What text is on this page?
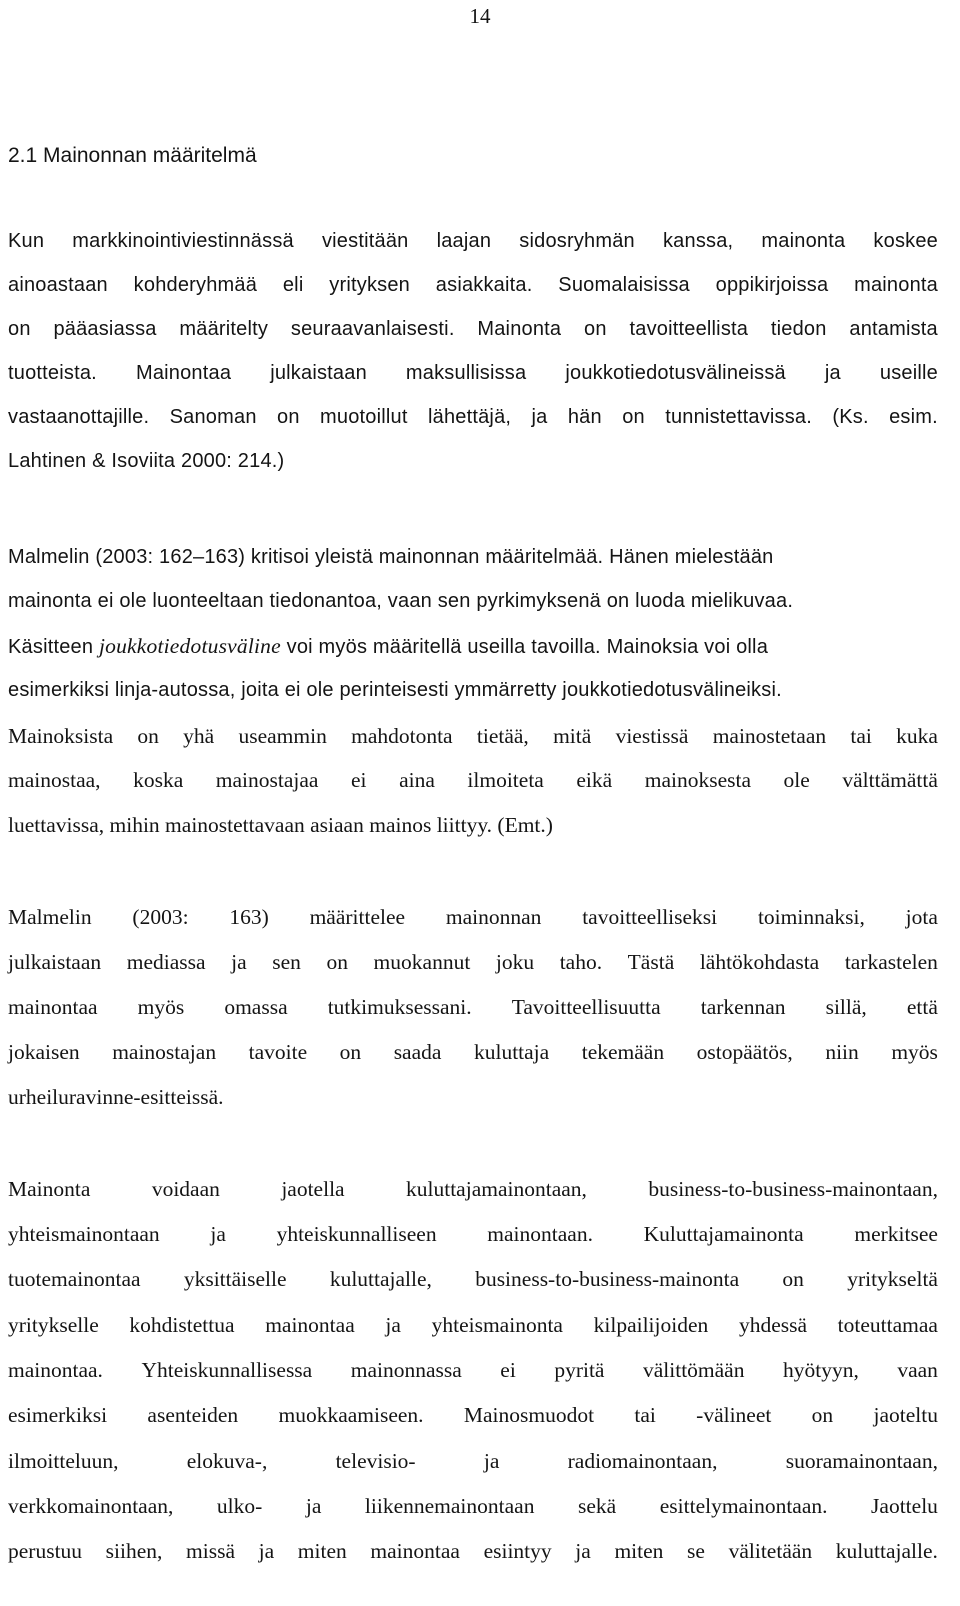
14
2.1 Mainonnan määritelmä
Kun markkinointiviestinnässä viestitään laajan sidosryhmän kanssa, mainonta koskee
ainoastaan kohderyhmää eli yrityksen asiakkaita. Suomalaisissa oppikirjoissa mainonta
on pääasiassa määritelty seuraavanlaisesti. Mainonta on tavoitteellista tiedon antamista
tuotteista. Mainontaa julkaistaan maksullisissa joukkotiedotusvälineissä ja useille
vastaanottajille. Sanoman on muotoillut lähettäjä, ja hän on tunnistettavissa. (Ks. esim.
Lahtinen & Isoviita 2000: 214.)
Malmelin (2003: 162–163) kritisoi yleistä mainonnan määritelmää. Hänen mielestään
mainonta ei ole luonteeltaan tiedonantoa, vaan sen pyrkimyksenä on luoda mielikuvaa.
Käsitteen joukkotiedotusväline voi myös määritellä useilla tavoilla. Mainoksia voi olla
esimerkiksi linja-autossa, joita ei ole perinteisesti ymmärretty joukkotiedotusvälineiksi.
Mainoksista on yhä useammin mahdotonta tietää, mitä viestissä mainostetaan tai kuka
mainostaa, koska mainostajaa ei aina ilmoiteta eikä mainoksesta ole välttämättä
luettavissa, mihin mainostettavaan asiaan mainos liittyy. (Emt.)
Malmelin (2003: 163) määrittelee mainonnan tavoitteelliseksi toiminnaksi, jota
julkaistaan mediassa ja sen on muokannut joku taho. Tästä lähtökohdasta tarkastelen
mainontaa myös omassa tutkimuksessani. Tavoitteellisuutta tarkennan sillä, että
jokaisen mainostajan tavoite on saada kuluttaja tekemään ostopäätös, niin myös
urheiluravinne-esitteissä.
Mainonta	voidaan	jaotella	kuluttajamainontaan,	business-to-business-mainontaan,
yhteismainontaan ja yhteiskunnalliseen mainontaan. Kuluttajamainonta merkitsee
tuotemainontaa yksittäiselle kuluttajalle, business-to-business-mainonta on yritykseltä
yritykselle kohdistettua mainontaa ja yhteismainonta kilpailijoiden yhdessä toteuttamaa
mainontaa. Yhteiskunnallisessa mainonnassa ei pyritä välittömään hyötyyn, vaan
esimerkiksi asenteiden muokkaamiseen. Mainosmuodot tai -välineet on jaoteltu
ilmoitteluun,	elokuva-,	televisio-	ja	radiomainontaan,	suoramainontaan,
verkkomainontaan, ulko- ja liikennemainontaan sekä esittelymainontaan. Jaottelu
perustuu siihen, missä ja miten mainontaa esiintyy ja miten se välitetään kuluttajalle.
